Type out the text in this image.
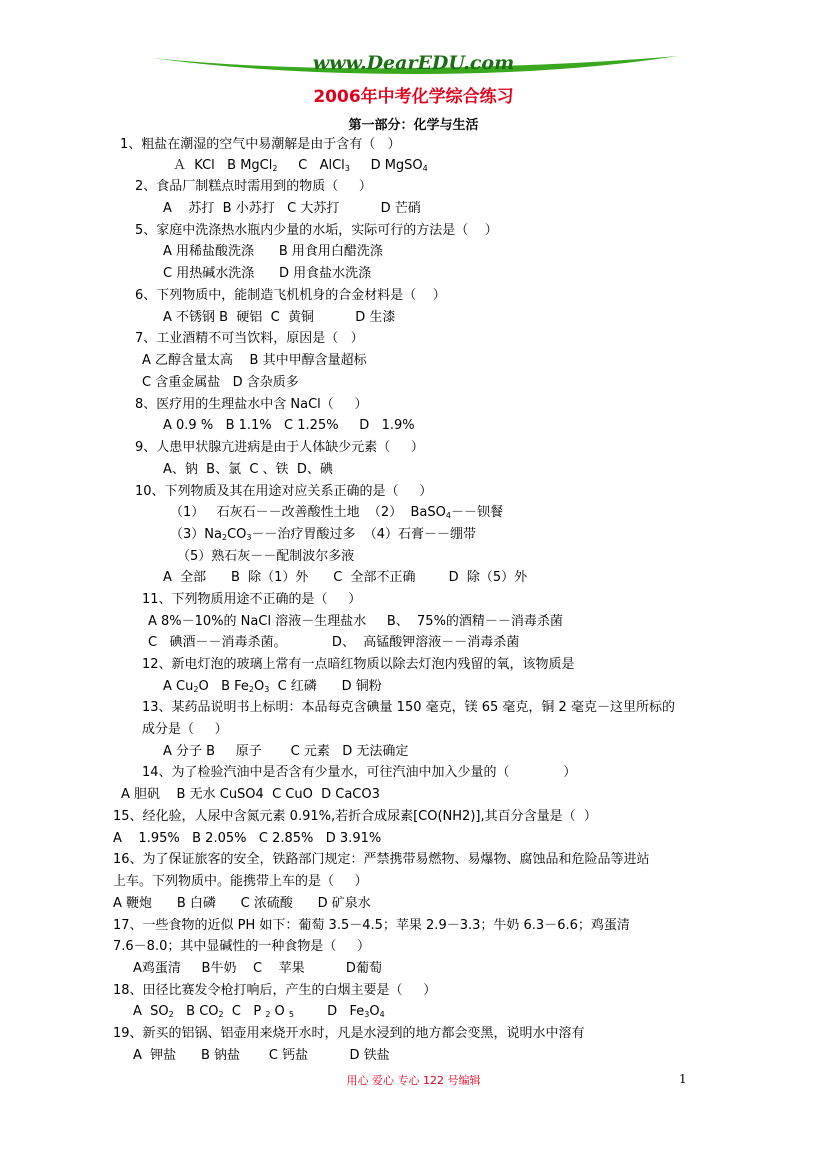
www.DearEDU.com
2006年中考化学综合练习
第一部分：化学与生活
1、粗盐在潮湿的空气中易潮解是由于含有（   ）
Ａ  KCl   B MgCl$_2$     C   AlCl$_3$     D MgSO$_4$
2、食品厂制糕点时需用到的物质（     ）
A    苏打  B 小苏打   C 大苏打          D 芒硝
5、家庭中洗涤热水瓶内少量的水垢，实际可行的方法是（    ）
A 用稀盐酸洗涤      B 用食用白醋洗涤
C 用热碱水洗涤      D 用食盐水洗涤
6、下列物质中，能制造飞机机身的合金材料是（    ）
A 不锈钢 B  硬铝  C  黄铜          D 生漆
7、工业酒精不可当饮料，原因是（   ）
A 乙醇含量太高    B 其中甲醇含量超标
C 含重金属盐   D 含杂质多
8、医疗用的生理盐水中含 NaCl（     ）
A 0.9 %   B 1.1%   C 1.25%     D   1.9%
9、人患甲状腺亢进病是由于人体缺少元素（     ）
A、钠  B、氯  C 、铁  D、碘
10、下列物质及其在用途对应关系正确的是（     ）
（1）   石灰石－－改善酸性土地  （2）  BaSO$_4$－－钡餐
$(3)Na_2CO_3--$治疗胃酸过多  （4）石膏－－绷带
（5）熟石灰－－配制波尔多液
A  全部      B  除（1）外      C  全部不正确        D  除（5）外
11、下列物质用途不正确的是（     ）
A 8%－10%的 NaCl 溶液－生理盐水     B、  75%的酒精－－消毒杀菌
C   碘酒－－消毒杀菌。           D、  高锰酸钾溶液－－消毒杀菌
12、新电灯泡的玻璃上常有一点暗红物质以除去灯泡内残留的氧，该物质是
A $Cu_2O$   B $Fe_2O_3$  C 红磷      D 铜粉
13、某药品说明书上标明：本品每克含碘量 150 毫克，镁 65 毫克，铜 2 毫克－这里所标的
成分是（     ）
A 分子 B     原子       C 元素   D 无法确定
14、为了检验汽油中是否含有少量水，可往汽油中加入少量的（             ）
A 胆矾    B 无水 CuSO4  C CuO  D CaCO3
15、经化验，人尿中含氮元素 0.91%,若折合成尿素[CO(NH2)],其百分含量是（  ）
A    1.95%   B 2.05%   C 2.85%   D 3.91%
16、为了保证旅客的安全，铁路部门规定：严禁携带易燃物、易爆物、腐蚀品和危险品等进站
上车。下列物质中。能携带上车的是（     ）
A 鞭炮      B 白磷      C 浓硫酸      D 矿泉水
17、一些食物的近似 PH 如下：葡萄 3.5－4.5；苹果 2.9－3.3；牛奶 6.3－6.6；鸡蛋清
7.6－8.0；其中显碱性的一种食物是（     ）
A鸡蛋清     B牛奶    C    苹果          D葡萄
18、田径比赛发令枪打响后，产生的白烟主要是（     ）
A  $SO_2$   B $CO_2$  C   P $_2$ O $_5$        D   $Fe_3O_4$
19、新买的铝锅、铝壶用来烧开水时，凡是水浸到的地方都会变黑，说明水中溶有
A  钾盐      B 钠盐       C 钙盐          D 铁盐
用心 爱心 专心 122 号编辑	1
